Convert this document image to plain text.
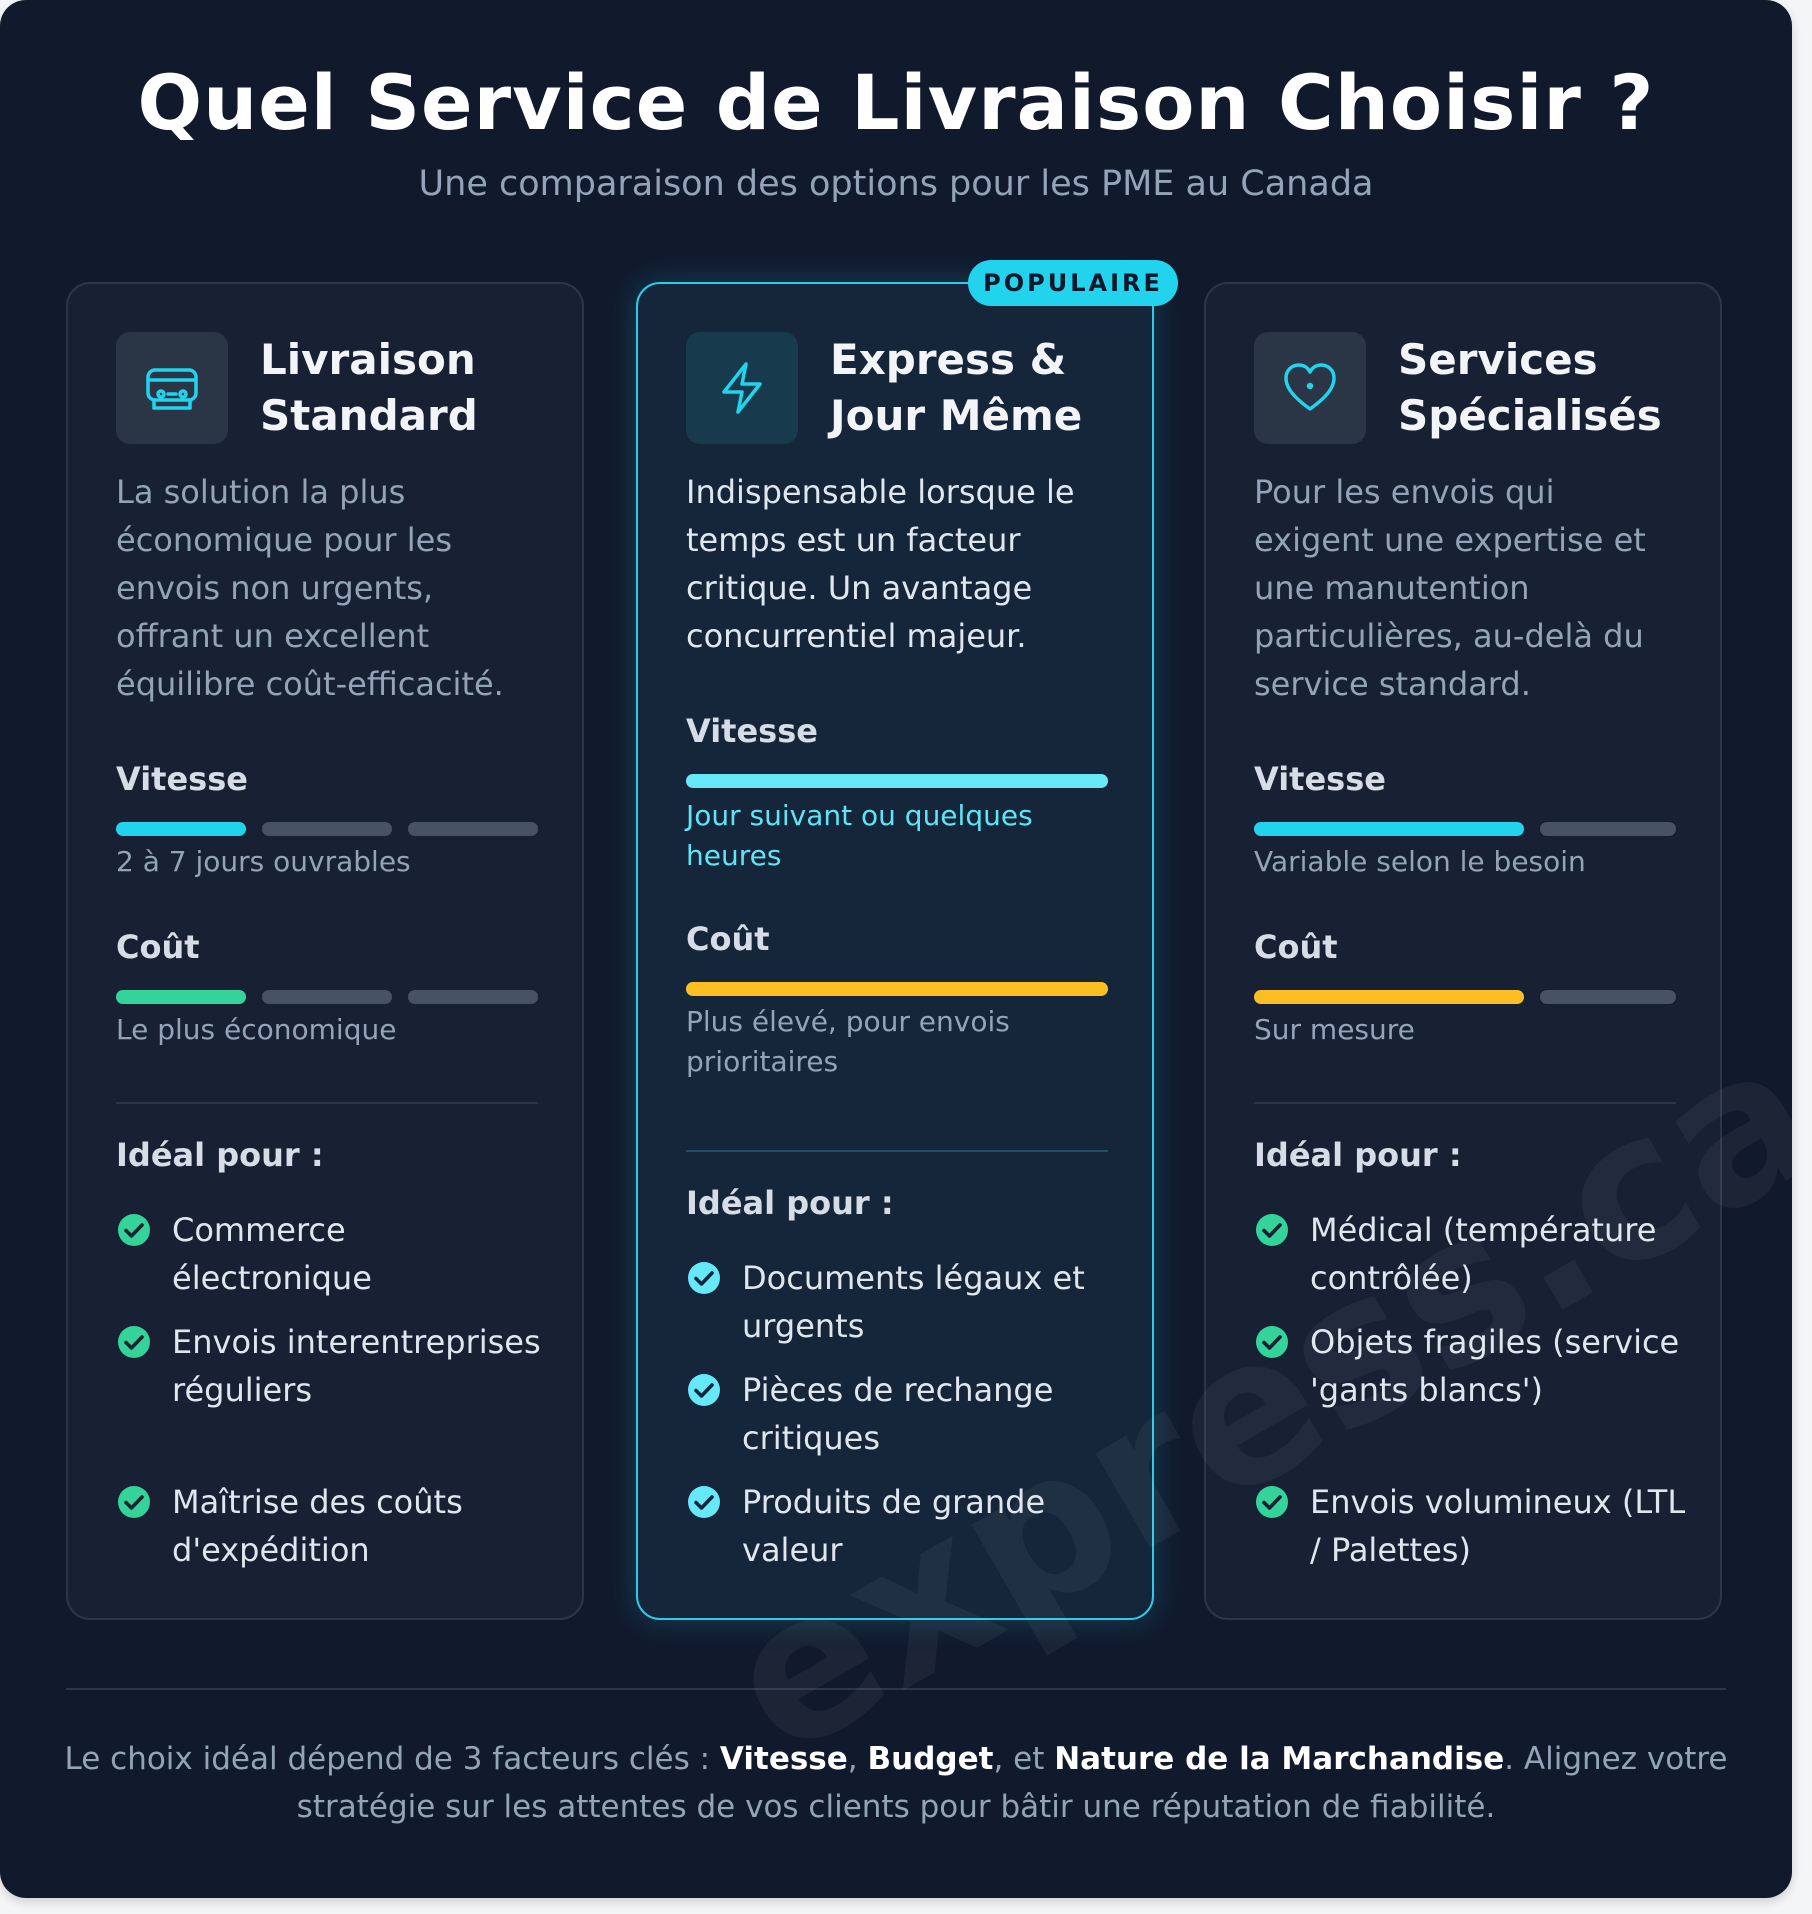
Quel Service de Livraison Choisir ?
Une comparaison des options pour les PME au Canada
Livraison Standard
La solution la plus économique pour les envois non urgents, offrant un excellent équilibre coût-efficacité.
Vitesse
2 à 7 jours ouvrables
Coût
Le plus économique
Idéal pour :
Commerce électronique
Envois interentreprises réguliers
Maîtrise des coûts d'expédition
Express & Jour Même
Indispensable lorsque le temps est un facteur critique. Un avantage concurrentiel majeur.
Vitesse
Jour suivant ou quelques heures
Coût
Plus élevé, pour envois prioritaires
Idéal pour :
Documents légaux et urgents
Pièces de rechange critiques
Produits de grande valeur
POPULAIRE
Services Spécialisés
Pour les envois qui exigent une expertise et une manutention particulières, au-delà du service standard.
Vitesse
Variable selon le besoin
Coût
Sur mesure
Idéal pour :
Médical (température contrôlée)
Objets fragiles (service 'gants blancs')
Envois volumineux (LTL / Palettes)
Le choix idéal dépend de 3 facteurs clés : Vitesse, Budget, et Nature de la Marchandise. Alignez votre stratégie sur les attentes de vos clients pour bâtir une réputation de fiabilité.
